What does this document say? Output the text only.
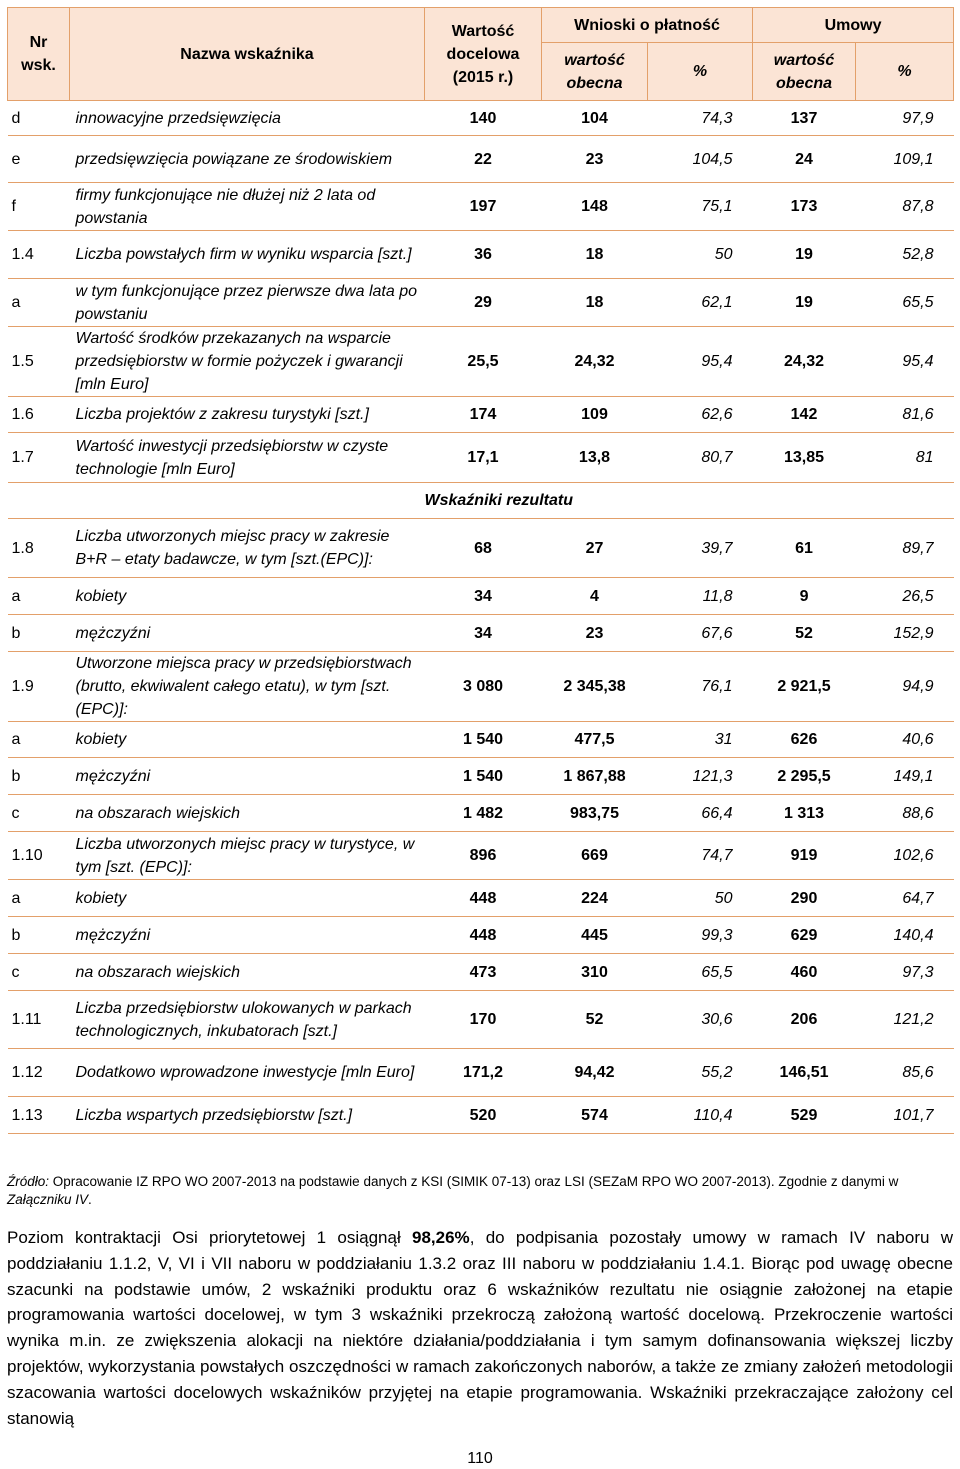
Nr wsk.	Nazwa wskaźnika	Wartość docelowa (2015 r.)	Wnioski o płatność		Umowy	
			wartość obecna	%	wartość obecna	%
d	innowacyjne przedsięwzięcia	140	104	74,3	137	97,9
e	przedsięwzięcia powiązane ze środowiskiem	22	23	104,5	24	109,1
f	firmy funkcjonujące nie dłużej niż 2 lata od powstania	197	148	75,1	173	87,8
1.4	Liczba powstałych firm w wyniku wsparcia [szt.]	36	18	50	19	52,8
a	w tym funkcjonujące przez pierwsze dwa lata po powstaniu	29	18	62,1	19	65,5
1.5	Wartość środków przekazanych na wsparcie przedsiębiorstw w formie pożyczek i gwarancji [mln Euro]	25,5	24,32	95,4	24,32	95,4
1.6	Liczba projektów z zakresu turystyki [szt.]	174	109	62,6	142	81,6
1.7	Wartość inwestycji przedsiębiorstw w czyste technologie [mln Euro]	17,1	13,8	80,7	13,85	81
		Wskaźniki rezultatu				
1.8	Liczba utworzonych miejsc pracy w zakresie B+R – etaty badawcze, w tym [szt.(EPC)]:	68	27	39,7	61	89,7
a	kobiety	34	4	11,8	9	26,5
b	mężczyźni	34	23	67,6	52	152,9
1.9	Utworzone miejsca pracy w przedsiębiorstwach (brutto, ekwiwalent całego etatu), w tym [szt. (EPC)]:	3 080	2 345,38	76,1	2 921,5	94,9
a	kobiety	1 540	477,5	31	626	40,6
b	mężczyźni	1 540	1 867,88	121,3	2 295,5	149,1
c	na obszarach wiejskich	1 482	983,75	66,4	1 313	88,6
1.10	Liczba utworzonych miejsc pracy w turystyce, w tym [szt. (EPC)]:	896	669	74,7	919	102,6
a	kobiety	448	224	50	290	64,7
b	mężczyźni	448	445	99,3	629	140,4
c	na obszarach wiejskich	473	310	65,5	460	97,3
1.11	Liczba przedsiębiorstw ulokowanych w parkach technologicznych, inkubatorach [szt.]	170	52	30,6	206	121,2
1.12	Dodatkowo wprowadzone inwestycje [mln Euro]	171,2	94,42	55,2	146,51	85,6
1.13	Liczba wspartych przedsiębiorstw [szt.]	520	574	110,4	529	101,7
Źródło: Opracowanie IZ RPO WO 2007-2013 na podstawie danych z KSI (SIMIK 07-13) oraz LSI (SEZaM RPO WO 2007-2013). Zgodnie z danymi w Załączniku IV.
Poziom kontraktacji Osi priorytetowej 1 osiągnął 98,26%, do podpisania pozostały umowy w ramach IV naboru w poddziałaniu 1.1.2, V, VI i VII naboru w poddziałaniu 1.3.2 oraz III naboru w poddziałaniu 1.4.1. Biorąc pod uwagę obecne szacunki na podstawie umów, 2 wskaźniki produktu oraz 6 wskaźników rezultatu nie osiągnie założonej na etapie programowania wartości docelowej, w tym 3 wskaźniki przekroczą założoną wartość docelową. Przekroczenie wartości wynika m.in. ze zwiększenia alokacji na niektóre działania/poddziałania i tym samym dofinansowania większej liczby projektów, wykorzystania powstałych oszczędności w ramach zakończonych naborów, a także ze zmiany założeń metodologii szacowania wartości docelowych wskaźników przyjętej na etapie programowania. Wskaźniki przekraczające założony cel stanowią
110
